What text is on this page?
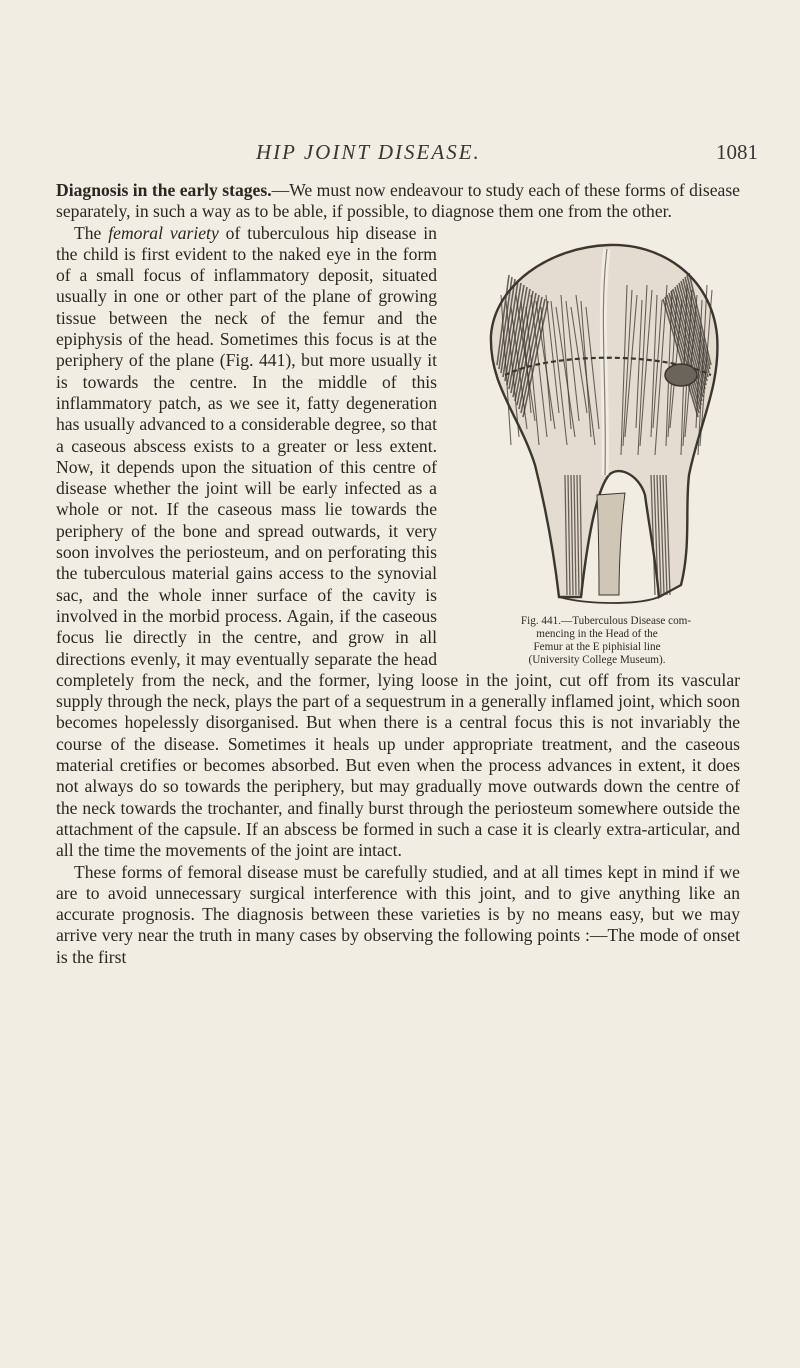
HIP JOINT DISEASE.	1081

Diagnosis in the early stages.—We must now endeavour to study each of these forms of disease separately, in such a way as to be able, if possible, to diagnose them one from the other.

Fig. 441.—Tuberculous Disease com-
mencing in the Head of the
Femur at the E piphisial line
(University College Museum).
The femoral variety of tuberculous hip disease in the child is first evident to the naked eye in the form of a small focus of inflammatory deposit, situated usually in one or other part of the plane of growing tissue between the neck of the femur and the epiphysis of the head. Sometimes this focus is at the periphery of the plane (Fig. 441), but more usually it is towards the centre. In the middle of this inflammatory patch, as we see it, fatty degeneration has usually advanced to a considerable degree, so that a caseous abscess exists to a greater or less extent. Now, it depends upon the situation of this centre of disease whether the joint will be early infected as a whole or not. If the caseous mass lie towards the periphery of the bone and spread outwards, it very soon involves the periosteum, and on perforating this the tuberculous material gains access to the synovial sac, and the whole inner surface of the cavity is involved in the morbid process. Again, if the caseous focus lie directly in the centre, and grow in all directions evenly, it may eventually separate the head completely from the neck, and the former, lying loose in the joint, cut off from its vascular supply through the neck, plays the part of a sequestrum in a generally inflamed joint, which soon becomes hopelessly disorganised. But when there is a central focus this is not invariably the course of the disease. Sometimes it heals up under appropriate treatment, and the caseous material cretifies or becomes absorbed. But even when the process advances in extent, it does not always do so towards the periphery, but may gradually move outwards down the centre of the neck towards the trochanter, and finally burst through the periosteum somewhere outside the attachment of the capsule. If an abscess be formed in such a case it is clearly extra-articular, and all the time the movements of the joint are intact.

These forms of femoral disease must be carefully studied, and at all times kept in mind if we are to avoid unnecessary surgical interference with this joint, and to give anything like an accurate prognosis. The diagnosis between these varieties is by no means easy, but we may arrive very near the truth in many cases by observing the following points :—The mode of onset is the first
